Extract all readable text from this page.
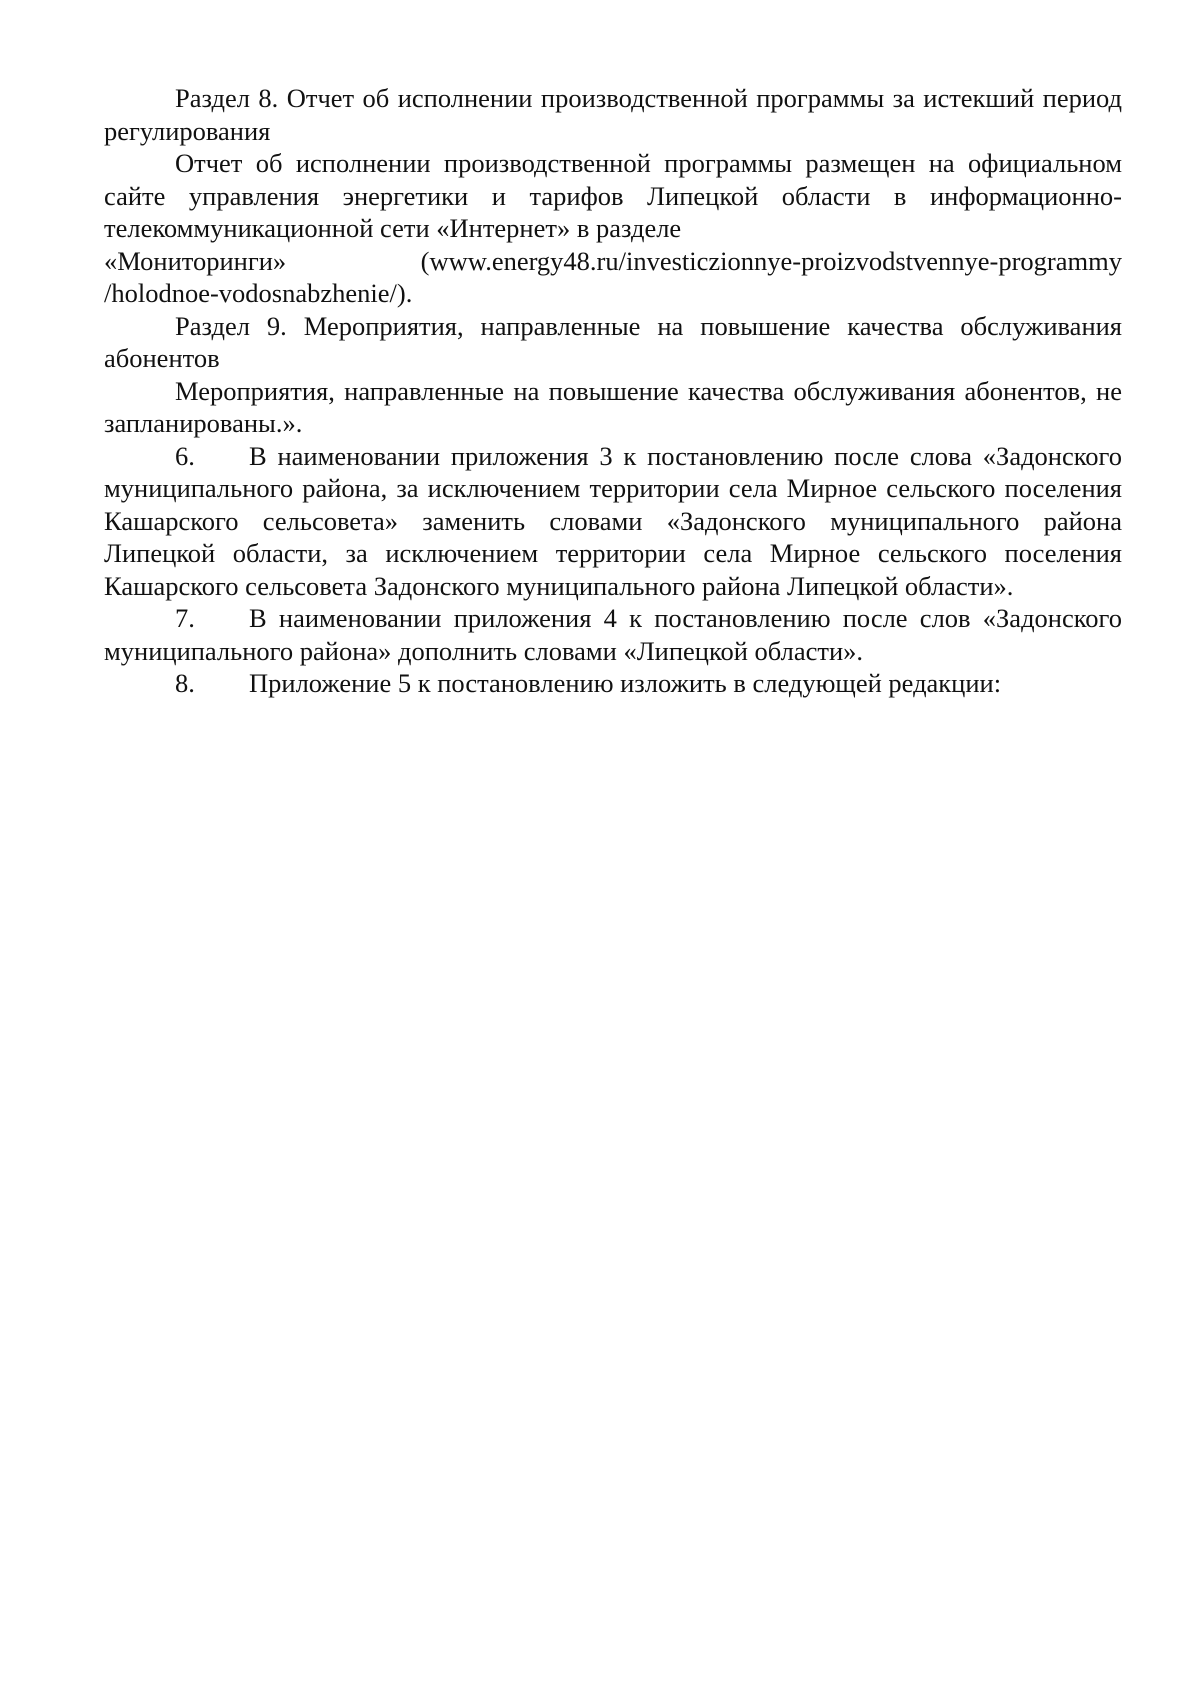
Раздел 8. Отчет об исполнении производственной программы за истекший период регулирования

Отчет об исполнении производственной программы размещен на официальном сайте управления энергетики и тарифов Липецкой области в информационно-телекоммуникационной сети «Интернет» в разделе

«Мониторинги»	(www.energy48.ru/investiczionnye-proizvodstvennye-programmy

/holodnoe-vodosnabzhenie/).

Раздел 9. Мероприятия, направленные на повышение качества обслуживания абонентов

Мероприятия, направленные на повышение качества обслуживания абонентов, не запланированы.».

6.	В наименовании приложения 3 к постановлению после слова «Задонского муниципального района, за исключением территории села Мирное сельского поселения Кашарского сельсовета» заменить словами «Задонского муниципального района Липецкой области, за исключением территории села Мирное сельского поселения Кашарского сельсовета Задонского муниципального района Липецкой области».

7.	В наименовании приложения 4 к постановлению после слов «Задонского муниципального района» дополнить словами «Липецкой области».

8.	Приложение 5 к постановлению изложить в следующей редакции:
